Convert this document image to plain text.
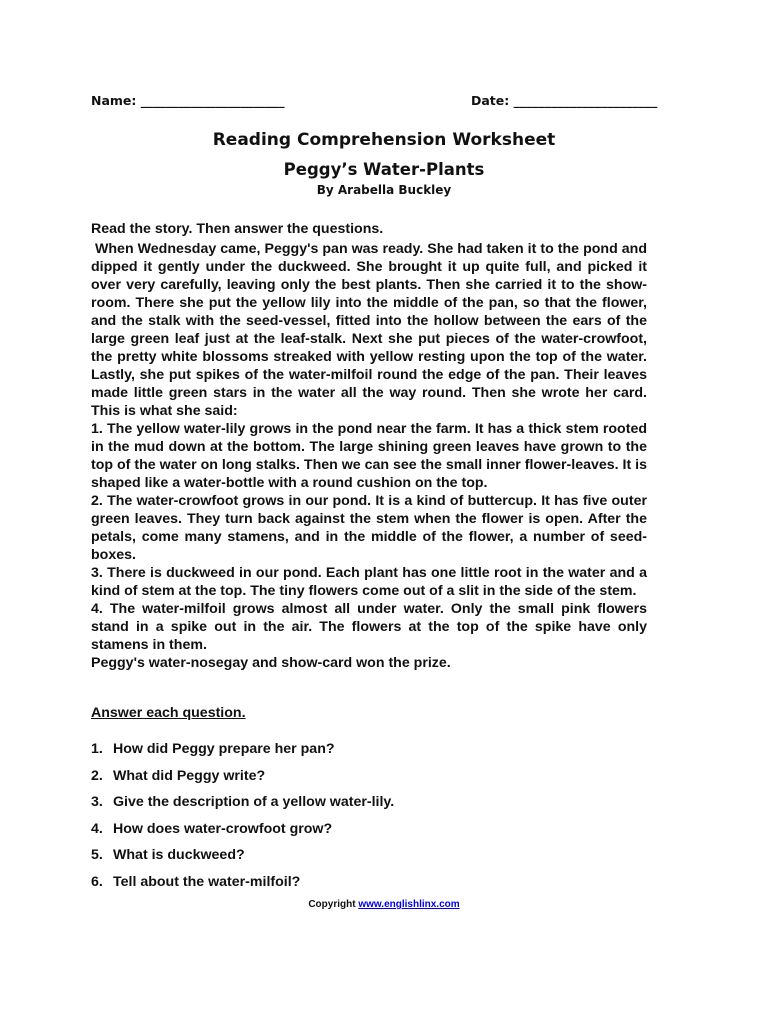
Name: _______________________	Date: _______________________
Reading Comprehension Worksheet
Peggy’s Water-Plants
By Arabella Buckley
Read the story. Then answer the questions.

When Wednesday came, Peggy's pan was ready. She had taken it to the pond and dipped it gently under the duckweed. She brought it up quite full, and picked it over very carefully, leaving only the best plants. Then she carried it to the show-room. There she put the yellow lily into the middle of the pan, so that the flower, and the stalk with the seed-vessel, fitted into the hollow between the ears of the large green leaf just at the leaf-stalk. Next she put pieces of the water-crowfoot, the pretty white blossoms streaked with yellow resting upon the top of the water. Lastly, she put spikes of the water-milfoil round the edge of the pan. Their leaves made little green stars in the water all the way round. Then she wrote her card. This is what she said:

1. The yellow water-lily grows in the pond near the farm. It has a thick stem rooted in the mud down at the bottom. The large shining green leaves have grown to the top of the water on long stalks. Then we can see the small inner flower-leaves. It is shaped like a water-bottle with a round cushion on the top.

2. The water-crowfoot grows in our pond. It is a kind of buttercup. It has five outer green leaves. They turn back against the stem when the flower is open. After the petals, come many stamens, and in the middle of the flower, a number of seed-boxes.

3. There is duckweed in our pond. Each plant has one little root in the water and a kind of stem at the top. The tiny flowers come out of a slit in the side of the stem.

4. The water-milfoil grows almost all under water. Only the small pink flowers stand in a spike out in the air. The flowers at the top of the spike have only stamens in them.

Peggy's water-nosegay and show-card won the prize.

Answer each question.
1. How did Peggy prepare her pan?
2. What did Peggy write?
3. Give the description of a yellow water-lily.
4. How does water-crowfoot grow?
5. What is duckweed?
6. Tell about the water-milfoil?
Copyright www.englishlinx.com
